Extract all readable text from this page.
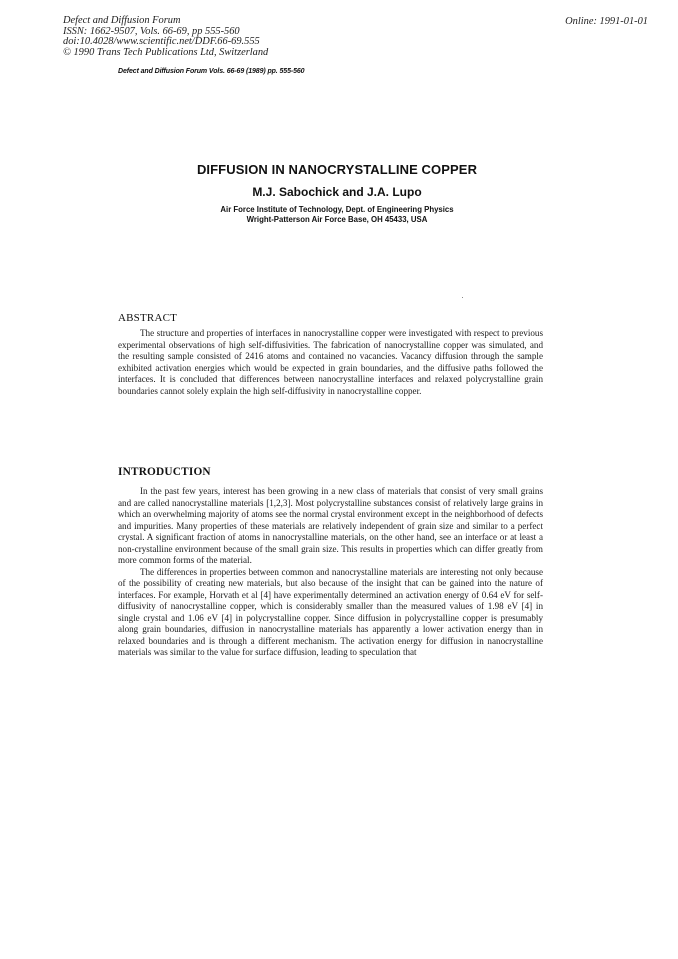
Defect and Diffusion Forum
ISSN: 1662-9507, Vols. 66-69, pp 555-560
doi:10.4028/www.scientific.net/DDF.66-69.555
© 1990 Trans Tech Publications Ltd, Switzerland
Online: 1991-01-01
Defect and Diffusion Forum Vols. 66-69 (1989) pp. 555-560
DIFFUSION IN NANOCRYSTALLINE COPPER
M.J. Sabochick and J.A. Lupo
Air Force Institute of Technology, Dept. of Engineering Physics
Wright-Patterson Air Force Base, OH 45433, USA
ABSTRACT

The structure and properties of interfaces in nanocrystalline copper were investigated with respect to previous experimental observations of high self-diffusivities. The fabrication of nanocrystalline copper was simulated, and the resulting sample consisted of 2416 atoms and contained no vacancies. Vacancy diffusion through the sample exhibited activation energies which would be expected in grain boundaries, and the diffusive paths followed the interfaces. It is concluded that differences between nanocrystalline interfaces and relaxed polycrystalline grain boundaries cannot solely explain the high self-diffusivity in nanocrystalline copper.

INTRODUCTION

In the past few years, interest has been growing in a new class of materials that consist of very small grains and are called nanocrystalline materials [1,2,3]. Most polycrystalline substances consist of relatively large grains in which an overwhelming majority of atoms see the normal crystal environment except in the neighborhood of defects and impurities. Many properties of these materials are relatively independent of grain size and similar to a perfect crystal. A significant fraction of atoms in nanocrystalline materials, on the other hand, see an interface or at least a non-crystalline environment because of the small grain size. This results in properties which can differ greatly from more common forms of the material.

The differences in properties between common and nanocrystalline materials are interesting not only because of the possibility of creating new materials, but also because of the insight that can be gained into the nature of interfaces. For example, Horvath et al [4] have experimentally determined an activation energy of 0.64 eV for self-diffusivity of nanocrystalline copper, which is considerably smaller than the measured values of 1.98 eV [4] in single crystal and 1.06 eV [4] in polycrystalline copper. Since diffusion in polycrystalline copper is presumably along grain boundaries, diffusion in nanocrystalline materials has apparently a lower activation energy than in relaxed boundaries and is through a different mechanism. The activation energy for diffusion in nanocrystalline materials was similar to the value for surface diffusion, leading to speculation that
